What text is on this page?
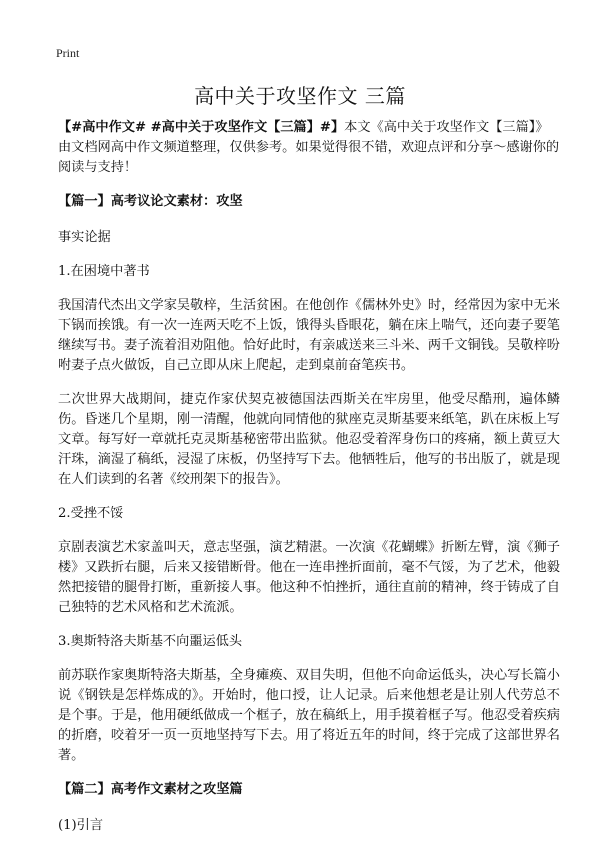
Print
高中关于攻坚作文 三篇

【#高中作文# #高中关于攻坚作文【三篇】#】本文《高中关于攻坚作文【三篇】》由文档网高中作文频道整理，仅供参考。如果觉得很不错，欢迎点评和分享～感谢你的阅读与支持！

【篇一】高考议论文素材：攻坚

事实论据

1.在困境中著书

我国清代杰出文学家吴敬梓，生活贫困。在他创作《儒林外史》时，经常因为家中无米下锅而挨饿。有一次一连两天吃不上饭，饿得头昏眼花，躺在床上喘气，还向妻子要笔继续写书。妻子流着泪劝阻他。恰好此时，有亲戚送来三斗米、两千文铜钱。吴敬梓吩咐妻子点火做饭，自己立即从床上爬起，走到桌前奋笔疾书。

二次世界大战期间，捷克作家伏契克被德国法西斯关在牢房里，他受尽酷刑，遍体鳞伤。昏迷几个星期，刚一清醒，他就向同情他的狱座克灵斯基要来纸笔，趴在床板上写文章。每写好一章就托克灵斯基秘密带出监狱。他忍受着浑身伤口的疼痛，额上黄豆大汗珠，滴湿了稿纸，浸湿了床板，仍坚持写下去。他牺牲后，他写的书出版了，就是现在人们读到的名著《绞刑架下的报告》。

2.受挫不馁

京剧表演艺术家盖叫天，意志坚强，演艺精湛。一次演《花蝴蝶》折断左臂，演《狮子楼》又跌折右腿，后来又接错断骨。他在一连串挫折面前，毫不气馁，为了艺术，他毅然把接错的腿骨打断，重新接人事。他这种不怕挫折，通往直前的精神，终于铸成了自己独特的艺术风格和艺术流派。

3.奥斯特洛夫斯基不向噩运低头

前苏联作家奥斯特洛夫斯基，全身瘫痪、双目失明，但他不向命运低头，决心写长篇小说《钢铁是怎样炼成的》。开始时，他口授，让人记录。后来他想老是让别人代劳总不是个事。于是，他用硬纸做成一个框子，放在稿纸上，用手摸着框子写。他忍受着疾病的折磨，咬着牙一页一页地坚持写下去。用了将近五年的时间，终于完成了这部世界名著。

【篇二】高考作文素材之攻坚篇

(1)引言
